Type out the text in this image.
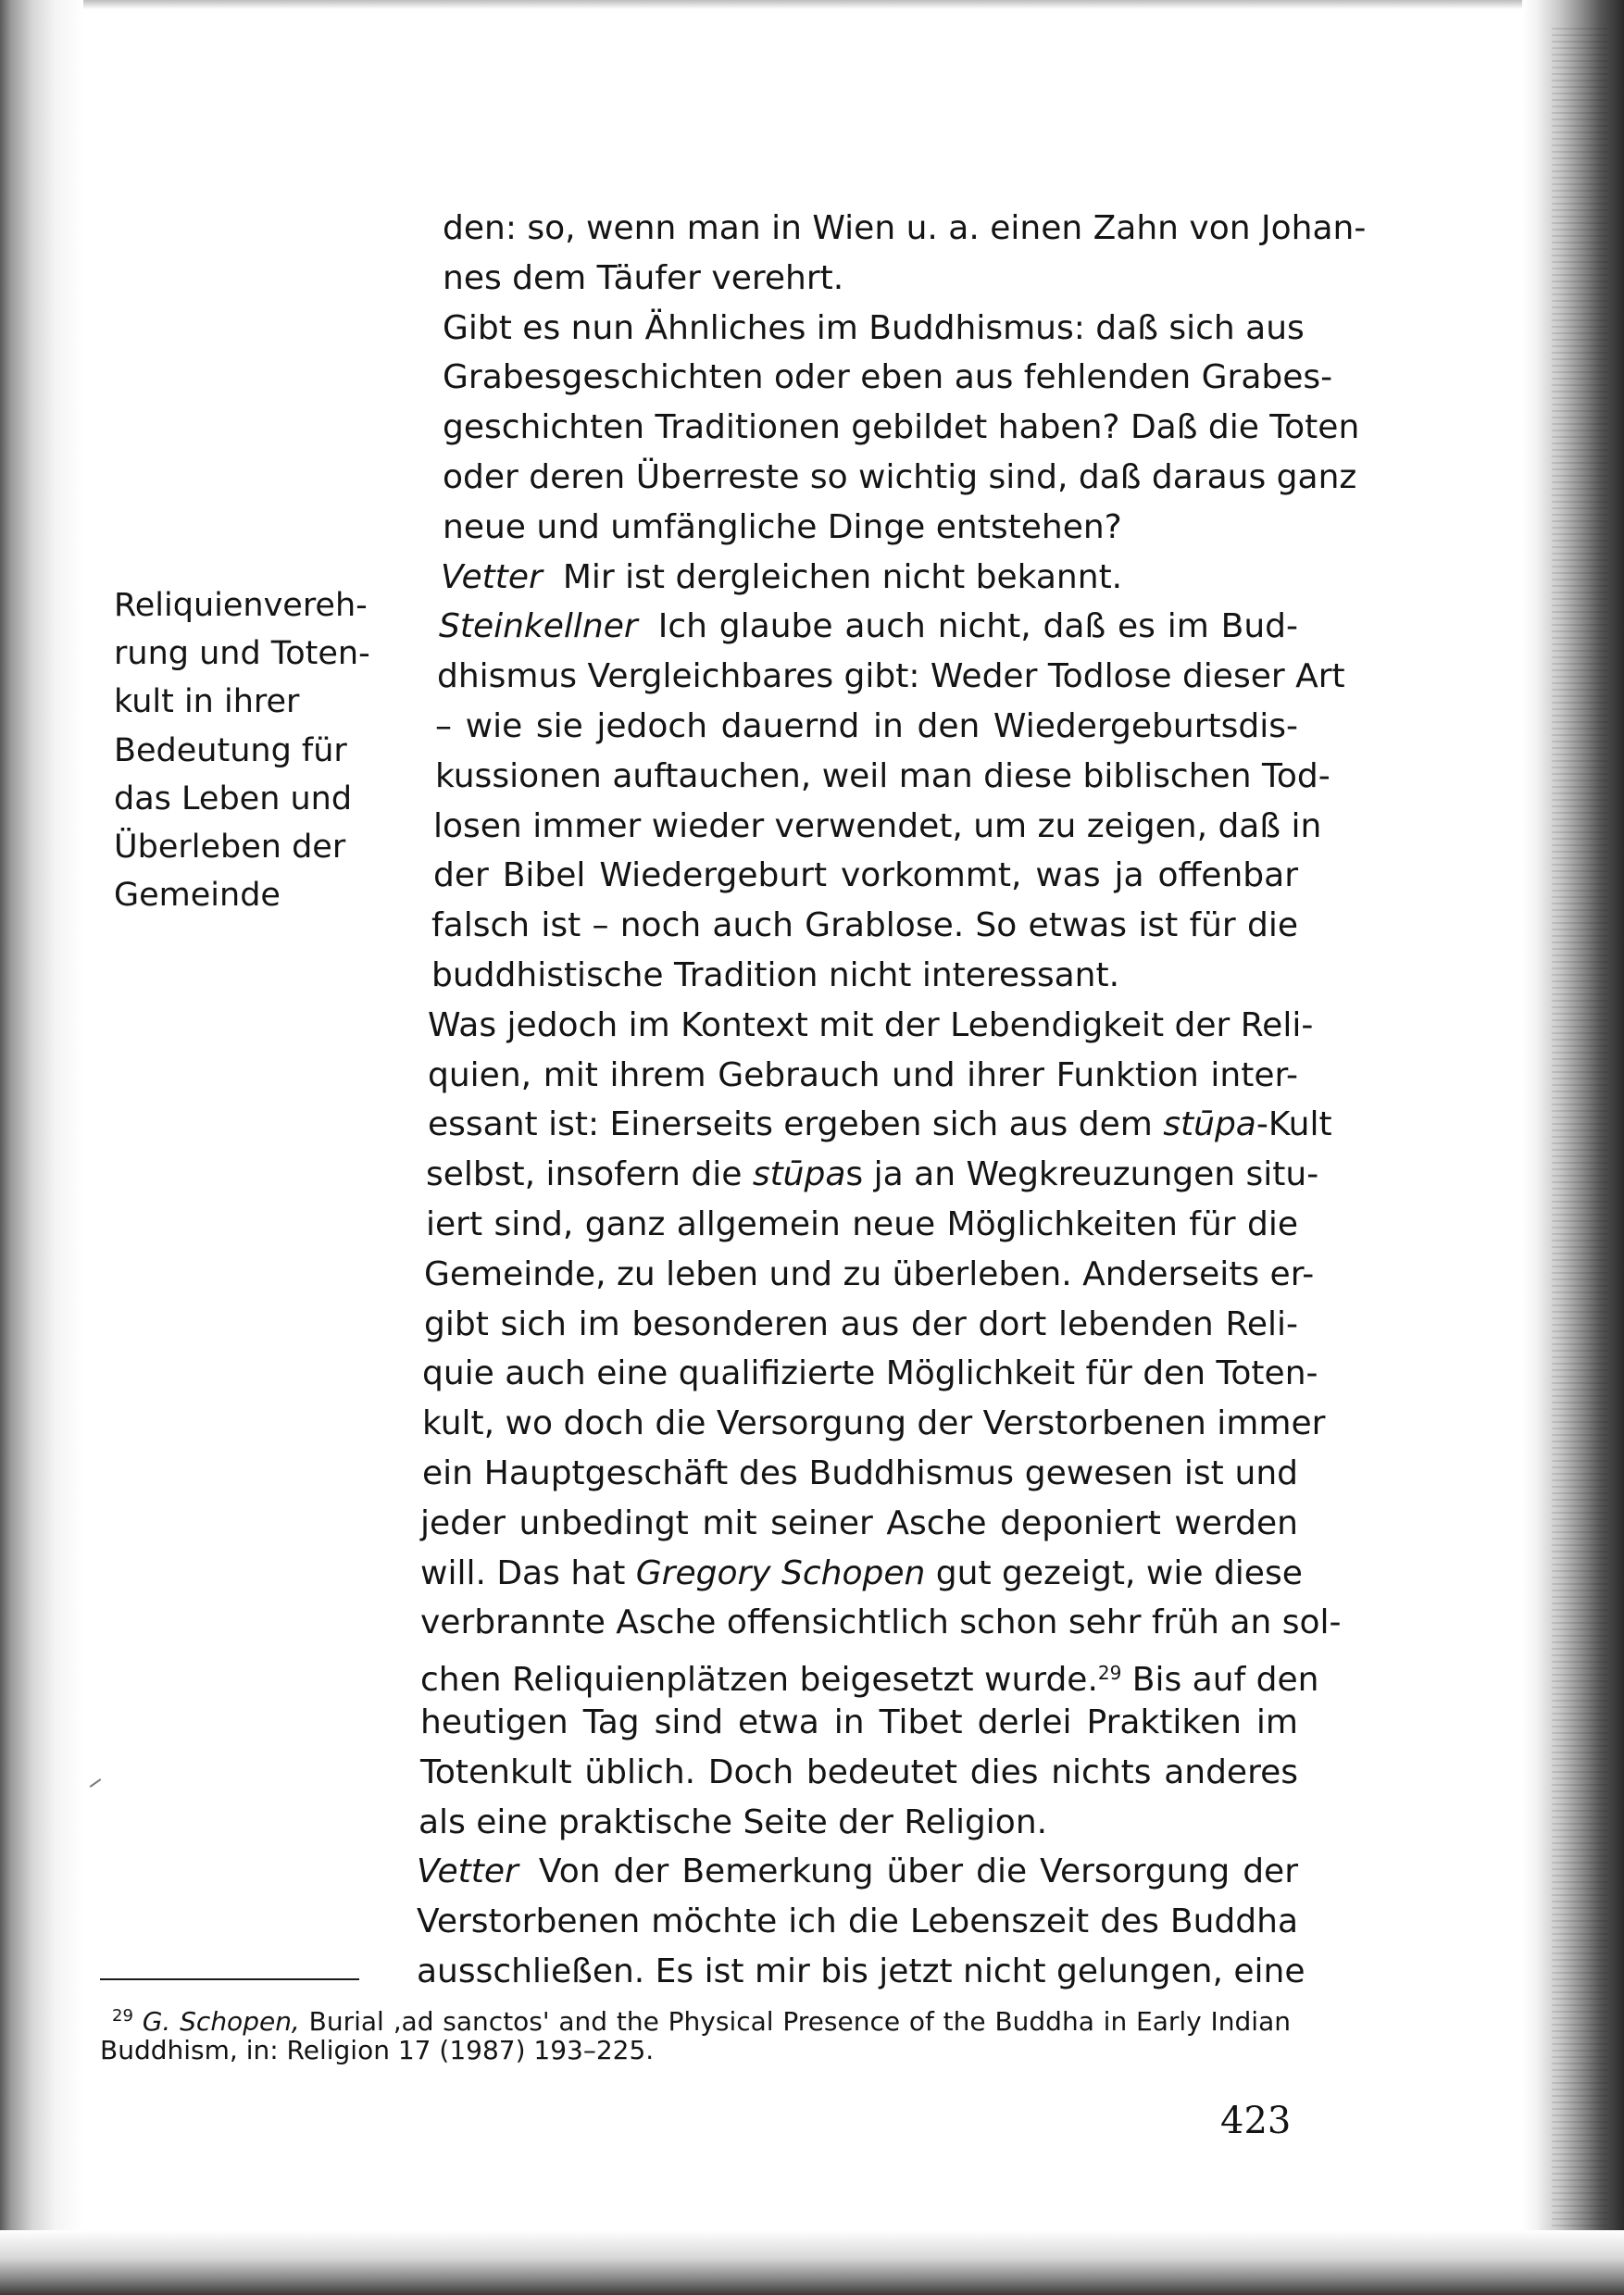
den: so, wenn man in Wien u. a. einen Zahn von Johan-
nes dem Täufer verehrt.
Gibt es nun Ähnliches im Buddhismus: daß sich aus
Grabesgeschichten oder eben aus fehlenden Grabes-
geschichten Traditionen gebildet haben? Daß die Toten
oder deren Überreste so wichtig sind, daß daraus ganz
neue und umfängliche Dinge entstehen?
Vetter Mir ist dergleichen nicht bekannt.
Steinkellner Ich glaube auch nicht, daß es im Bud-
dhismus Vergleichbares gibt: Weder Todlose dieser Art
– wie sie jedoch dauernd in den Wiedergeburtsdis-
kussionen auftauchen, weil man diese biblischen Tod-
losen immer wieder verwendet, um zu zeigen, daß in
der Bibel Wiedergeburt vorkommt, was ja offenbar
falsch ist – noch auch Grablose. So etwas ist für die
buddhistische Tradition nicht interessant.
Was jedoch im Kontext mit der Lebendigkeit der Reli-
quien, mit ihrem Gebrauch und ihrer Funktion inter-
essant ist: Einerseits ergeben sich aus dem stūpa-Kult
selbst, insofern die stūpas ja an Wegkreuzungen situ-
iert sind, ganz allgemein neue Möglichkeiten für die
Gemeinde, zu leben und zu überleben. Anderseits er-
gibt sich im besonderen aus der dort lebenden Reli-
quie auch eine qualifizierte Möglichkeit für den Toten-
kult, wo doch die Versorgung der Verstorbenen immer
ein Hauptgeschäft des Buddhismus gewesen ist und
jeder unbedingt mit seiner Asche deponiert werden
will. Das hat Gregory Schopen gut gezeigt, wie diese
verbrannte Asche offensichtlich schon sehr früh an sol-
chen Reliquienplätzen beigesetzt wurde.$^{29}$ Bis auf den
heutigen Tag sind etwa in Tibet derlei Praktiken im
Totenkult üblich. Doch bedeutet dies nichts anderes
als eine praktische Seite der Religion.
Vetter Von der Bemerkung über die Versorgung der
Verstorbenen möchte ich die Lebenszeit des Buddha
ausschließen. Es ist mir bis jetzt nicht gelungen, eine
Reliquienvereh-
rung und Toten-
kult in ihrer
Bedeutung für
das Leben und
Überleben der
Gemeinde
$^{29}$ G. Schopen, Burial ‚ad sanctos' and the Physical Presence of the Buddha in Early Indian
Buddhism, in: Religion 17 (1987) 193–225.
423
